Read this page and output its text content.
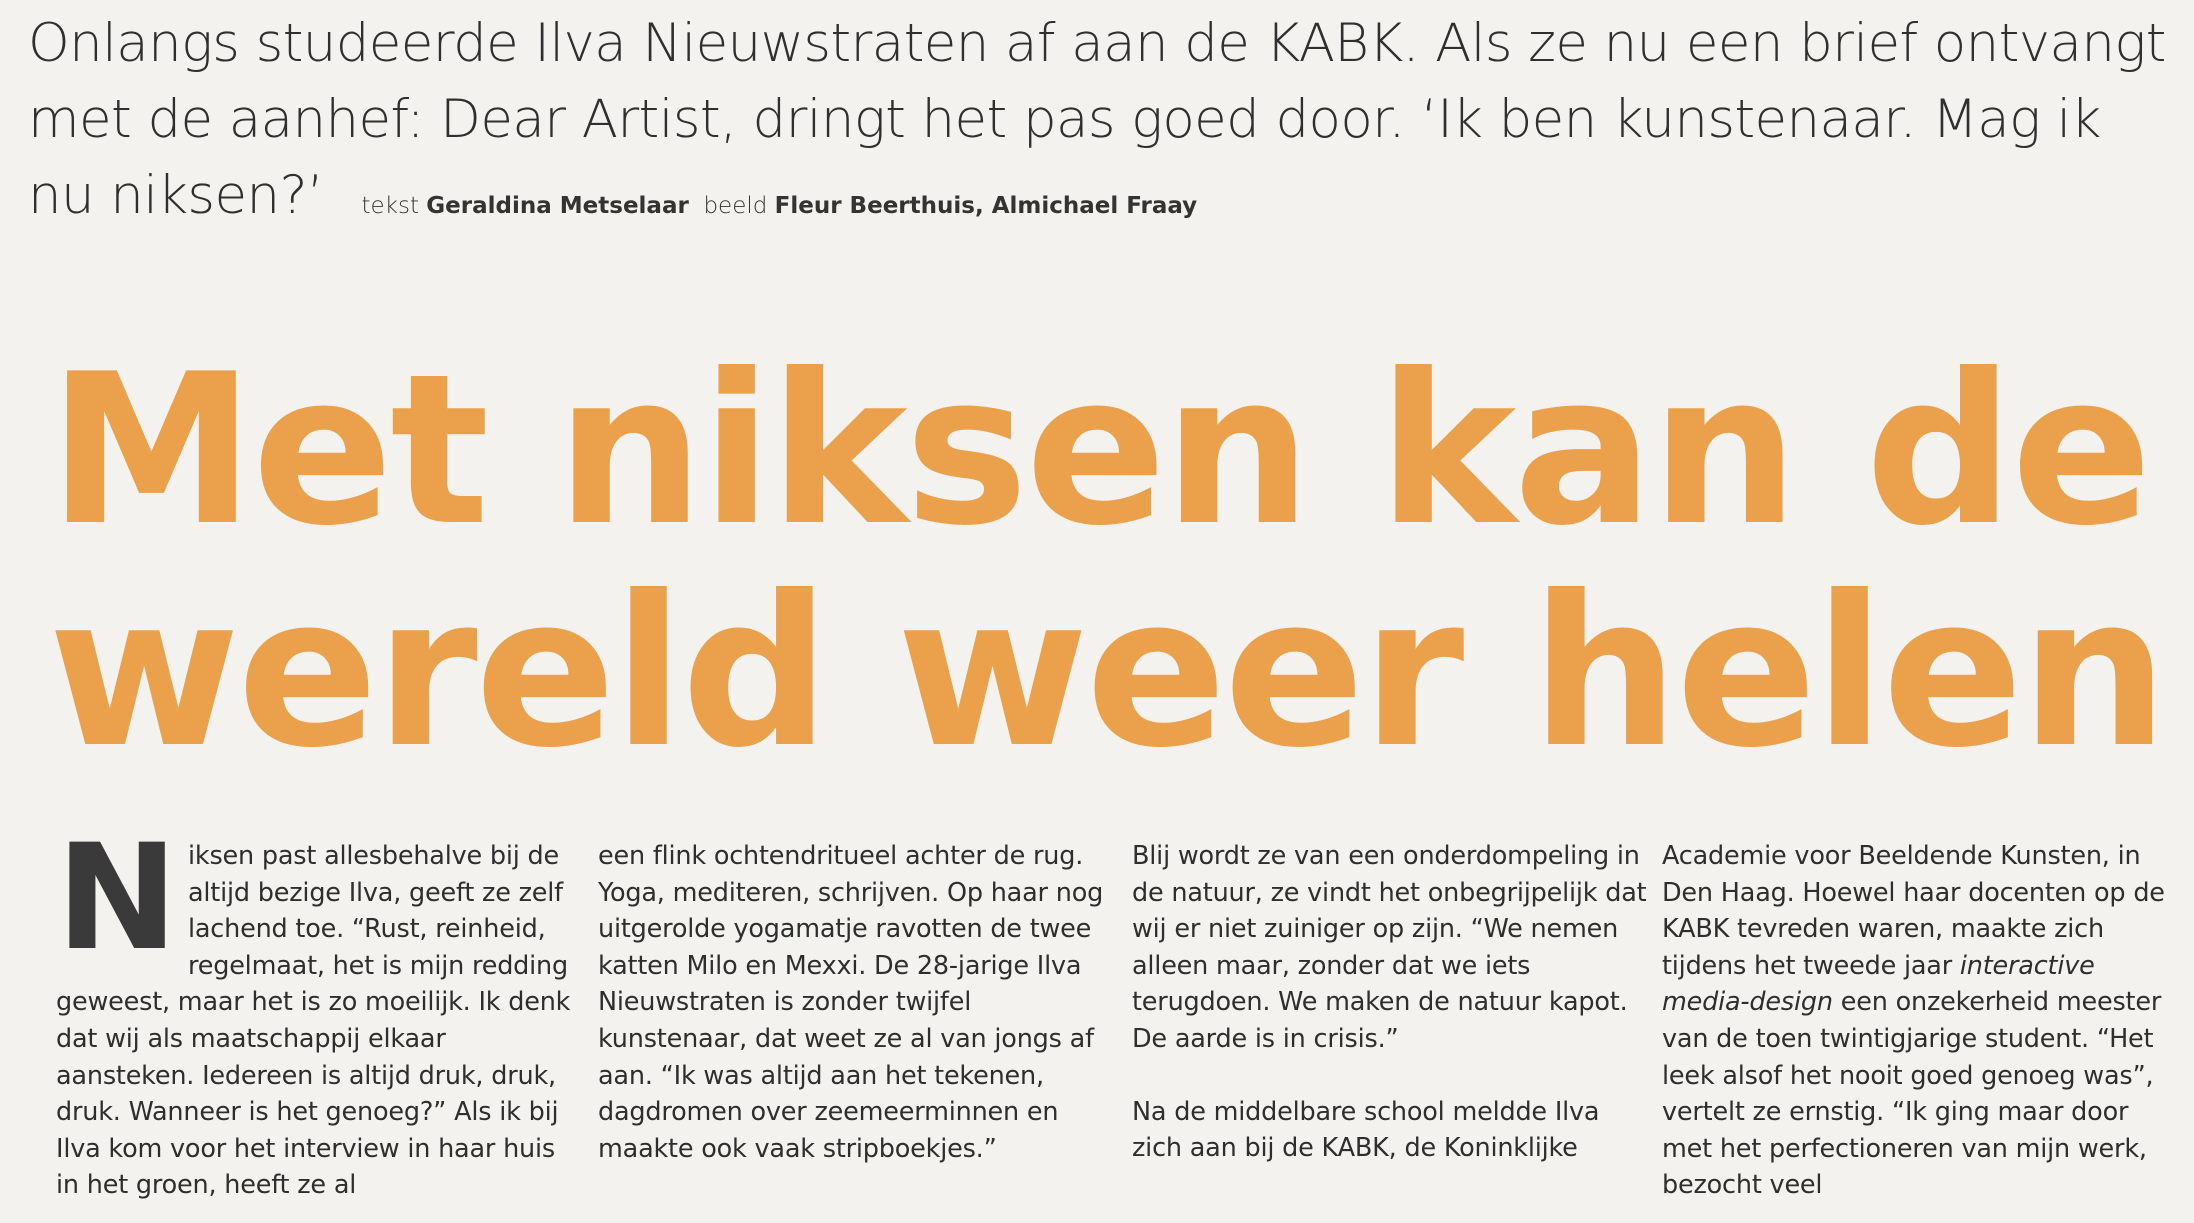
Onlangs studeerde Ilva Nieuwstraten af aan de KABK. Als ze nu een brief ontvangt met de aanhef: Dear Artist, dringt het pas goed door. ‘Ik ben kunstenaar. Mag ik nu niksen?’ tekst Geraldina Metselaar beeld Fleur Beerthuis, Almichael Fraay
Met niksen kan de
wereld weer helen
N iksen past allesbehalve bij de altijd bezige Ilva, geeft ze zelf lachend toe. “Rust, reinheid, regelmaat, het is mijn redding geweest, maar het is zo moeilijk. Ik denk dat wij als maatschappij elkaar aansteken. Iedereen is altijd druk, druk, druk. Wanneer is het genoeg?” Als ik bij Ilva kom voor het interview in haar huis in het groen, heeft ze al

een flink ochtendritueel achter de rug. Yoga, mediteren, schrijven. Op haar nog uitgerolde yogamatje ravotten de twee katten Milo en Mexxi. De 28-jarige Ilva Nieuwstraten is zonder twijfel kunstenaar, dat weet ze al van jongs af aan. “Ik was altijd aan het tekenen, dagdromen over zeemeerminnen en maakte ook vaak stripboekjes.”

Blij wordt ze van een onderdompeling in de natuur, ze vindt het onbegrijpelijk dat wij er niet zuiniger op zijn. “We nemen alleen maar, zonder dat we iets terugdoen. We maken de natuur kapot. De aarde is in crisis.”

Na de middelbare school meldde Ilva zich aan bij de KABK, de Koninklijke

Academie voor Beeldende Kunsten, in Den Haag. Hoewel haar docenten op de KABK tevreden waren, maakte zich tijdens het tweede jaar interactive media-design een onzekerheid meester van de toen twintigjarige student. “Het leek alsof het nooit goed genoeg was”, vertelt ze ernstig. “Ik ging maar door met het perfectioneren van mijn werk, bezocht veel
